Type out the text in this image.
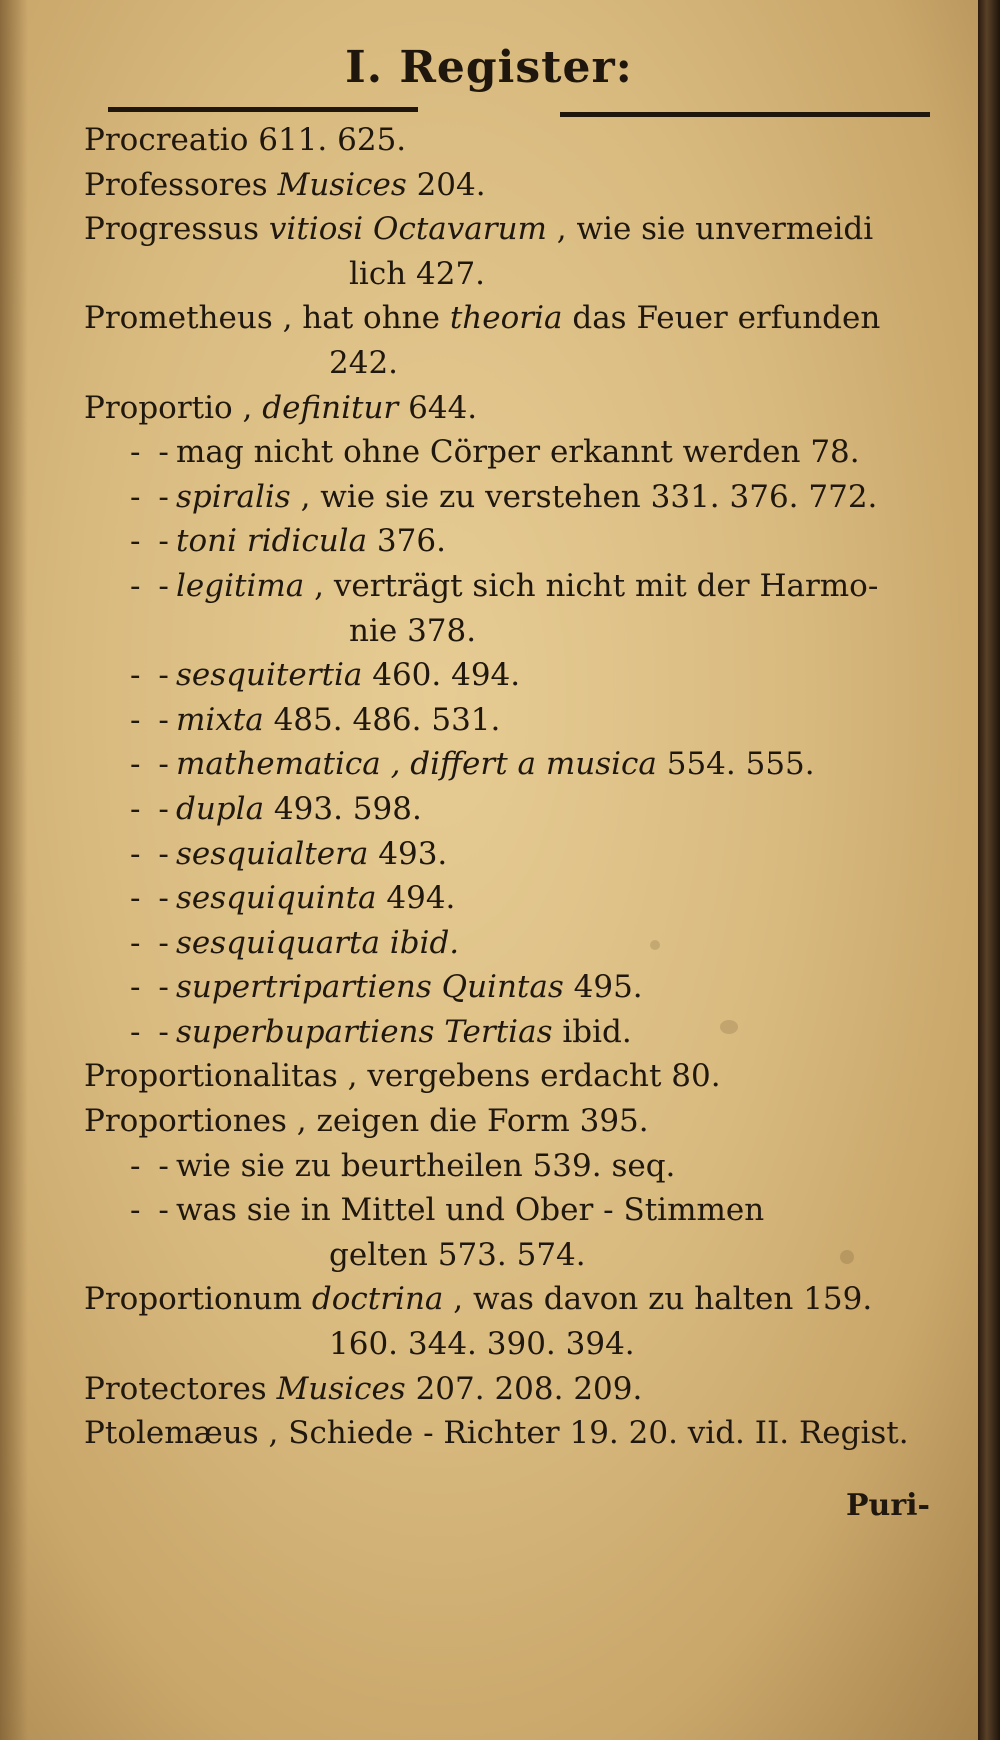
I. Register:
Procreatio 611. 625.
Professores Musices 204.
Progressus vitiosi Octavarum , wie sie unvermeidi
lich 427.
Prometheus , hat ohne theoria das Feuer erfunden
242.
Proportio , definitur 644.
- - mag nicht ohne Cörper erkannt werden 78.
- - spiralis , wie sie zu verstehen 331. 376. 772.
- - toni ridicula 376.
- - legitima , verträgt sich nicht mit der Harmo-
nie 378.
- - sesquitertia 460. 494.
- - mixta 485. 486. 531.
- - mathematica , differt a musica 554. 555.
- - dupla 493. 598.
- - sesquialtera 493.
- - sesquiquinta 494.
- - sesquiquarta ibid.
- - supertripartiens Quintas 495.
- - superbupartiens Tertias ibid.
Proportionalitas , vergebens erdacht 80.
Proportiones , zeigen die Form 395.
- - wie sie zu beurtheilen 539. seq.
- - was sie in Mittel und Ober - Stimmen
gelten 573. 574.
Proportionum doctrina , was davon zu halten 159.
160. 344. 390. 394.
Protectores Musices 207. 208. 209.
Ptolemæus , Schiede - Richter 19. 20. vid. II. Regist.
Puri-
